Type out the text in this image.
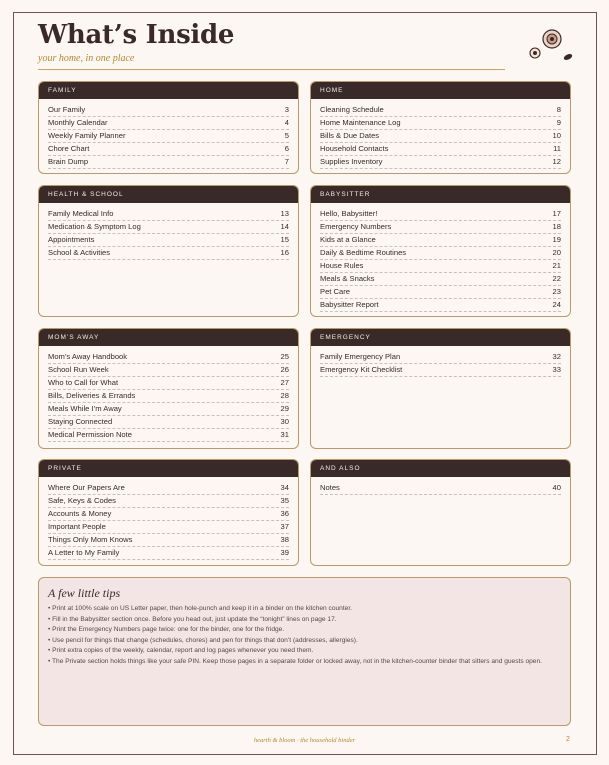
What’s Inside
your home, in one place
FAMILY
Our Family	3
Monthly Calendar	4
Weekly Family Planner	5
Chore Chart	6
Brain Dump	7
HOME
Cleaning Schedule	8
Home Maintenance Log	9
Bills & Due Dates	10
Household Contacts	11
Supplies Inventory	12
HEALTH & SCHOOL
Family Medical Info	13
Medication & Symptom Log	14
Appointments	15
School & Activities	16
BABYSITTER
Hello, Babysitter!	17
Emergency Numbers	18
Kids at a Glance	19
Daily & Bedtime Routines	20
House Rules	21
Meals & Snacks	22
Pet Care	23
Babysitter Report	24
MOM’S AWAY
Mom’s Away Handbook	25
School Run Week	26
Who to Call for What	27
Bills, Deliveries & Errands	28
Meals While I’m Away	29
Staying Connected	30
Medical Permission Note	31
EMERGENCY
Family Emergency Plan	32
Emergency Kit Checklist	33
PRIVATE
Where Our Papers Are	34
Safe, Keys & Codes	35
Accounts & Money	36
Important People	37
Things Only Mom Knows	38
A Letter to My Family	39
AND ALSO
Notes	40
A few little tips
• Print at 100% scale on US Letter paper, then hole-punch and keep it in a binder on the kitchen counter.
• Fill in the Babysitter section once. Before you head out, just update the “tonight” lines on page 17.
• Print the Emergency Numbers page twice: one for the binder, one for the fridge.
• Use pencil for things that change (schedules, chores) and pen for things that don’t (addresses, allergies).
• Print extra copies of the weekly, calendar, report and log pages whenever you need them.
• The Private section holds things like your safe PIN. Keep those pages in a separate folder or locked away, not in the kitchen-counter binder that sitters and guests open.
hearth & bloom · the household binder	2
